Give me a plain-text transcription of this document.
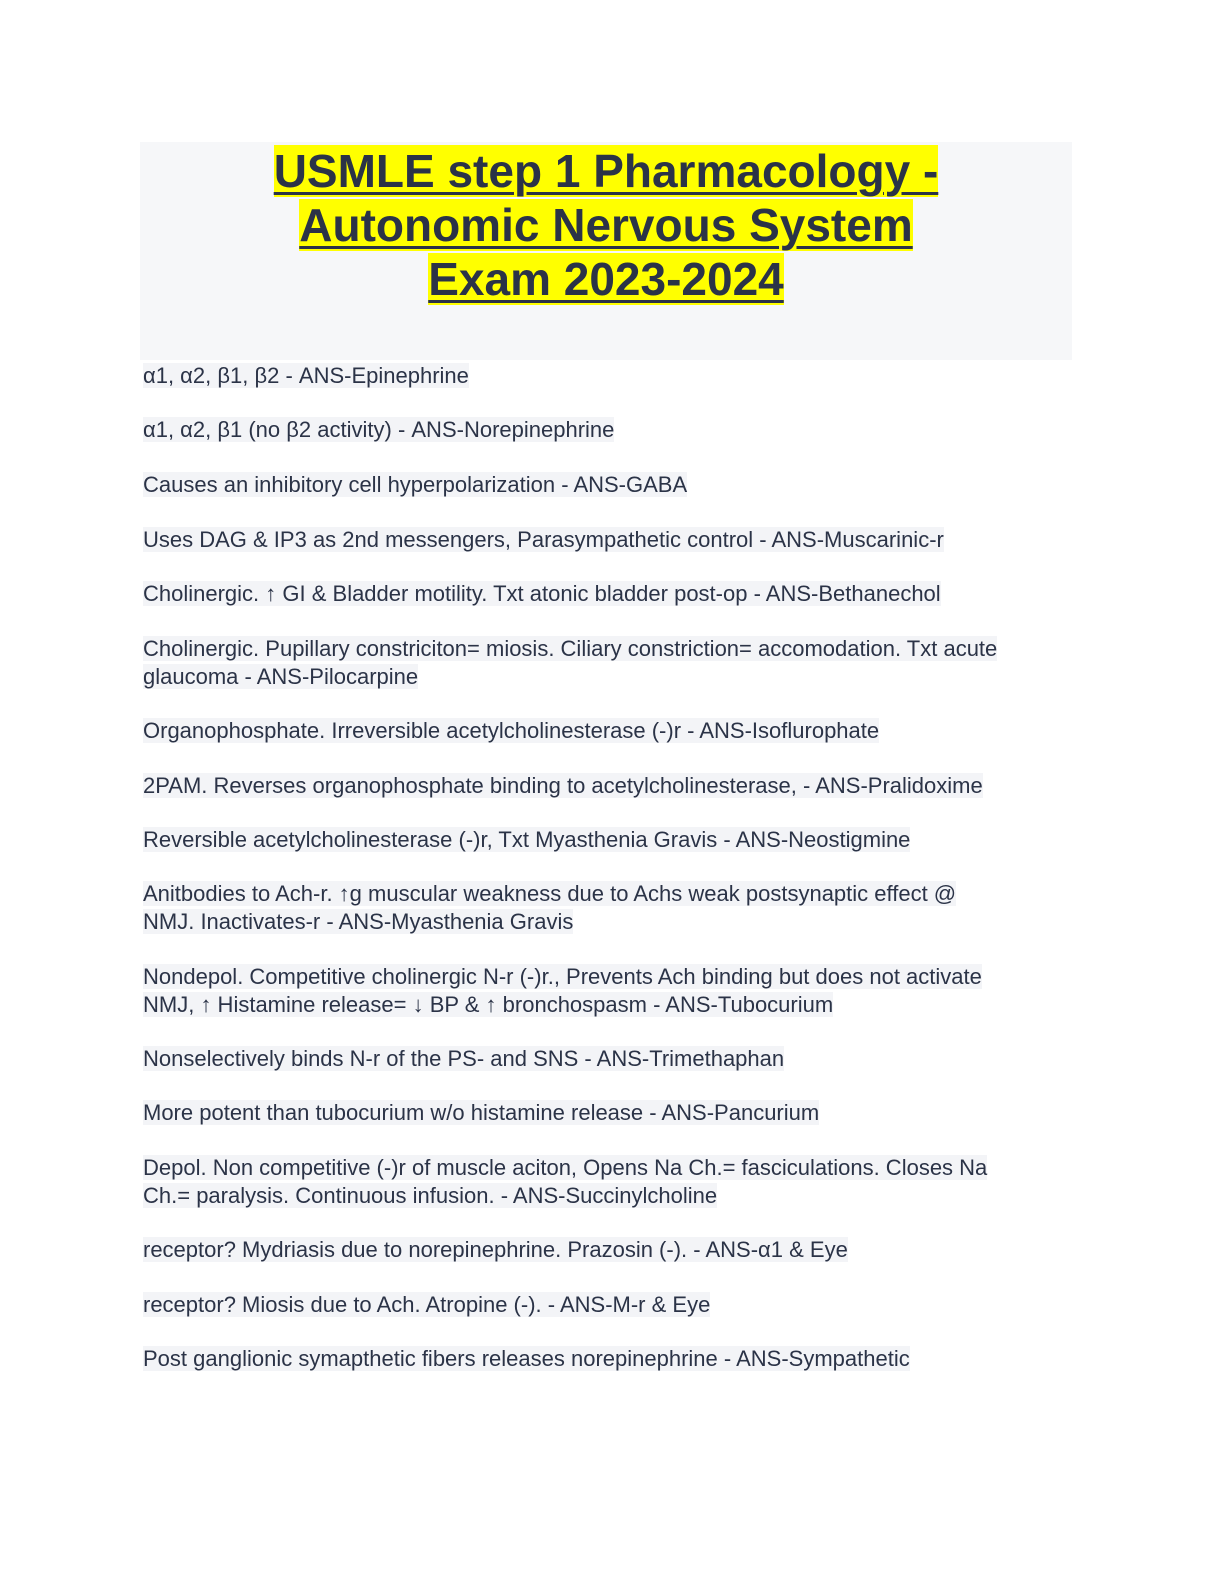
USMLE step 1 Pharmacology -
Autonomic Nervous System
Exam 2023-2024
α1, α2, β1, β2 - ANS-Epinephrine
α1, α2, β1 (no β2 activity) - ANS-Norepinephrine
Causes an inhibitory cell hyperpolarization - ANS-GABA
Uses DAG & IP3 as 2nd messengers, Parasympathetic control - ANS-Muscarinic-r
Cholinergic. ↑ GI & Bladder motility. Txt atonic bladder post-op - ANS-Bethanechol
Cholinergic. Pupillary constriciton= miosis. Ciliary constriction= accomodation. Txt acute
glaucoma - ANS-Pilocarpine
Organophosphate. Irreversible acetylcholinesterase (-)r - ANS-Isoflurophate
2PAM. Reverses organophosphate binding to acetylcholinesterase, - ANS-Pralidoxime
Reversible acetylcholinesterase (-)r, Txt Myasthenia Gravis - ANS-Neostigmine
Anitbodies to Ach-r. ↑g muscular weakness due to Achs weak postsynaptic effect @
NMJ. Inactivates-r - ANS-Myasthenia Gravis
Nondepol. Competitive cholinergic N-r (-)r., Prevents Ach binding but does not activate
NMJ, ↑ Histamine release= ↓ BP & ↑ bronchospasm - ANS-Tubocurium
Nonselectively binds N-r of the PS- and SNS - ANS-Trimethaphan
More potent than tubocurium w/o histamine release - ANS-Pancurium
Depol. Non competitive (-)r of muscle aciton, Opens Na Ch.= fasciculations. Closes Na
Ch.= paralysis. Continuous infusion. - ANS-Succinylcholine
receptor? Mydriasis due to norepinephrine. Prazosin (-). - ANS-α1 & Eye
receptor? Miosis due to Ach. Atropine (-). - ANS-M-r & Eye
Post ganglionic symapthetic fibers releases norepinephrine - ANS-Sympathetic
